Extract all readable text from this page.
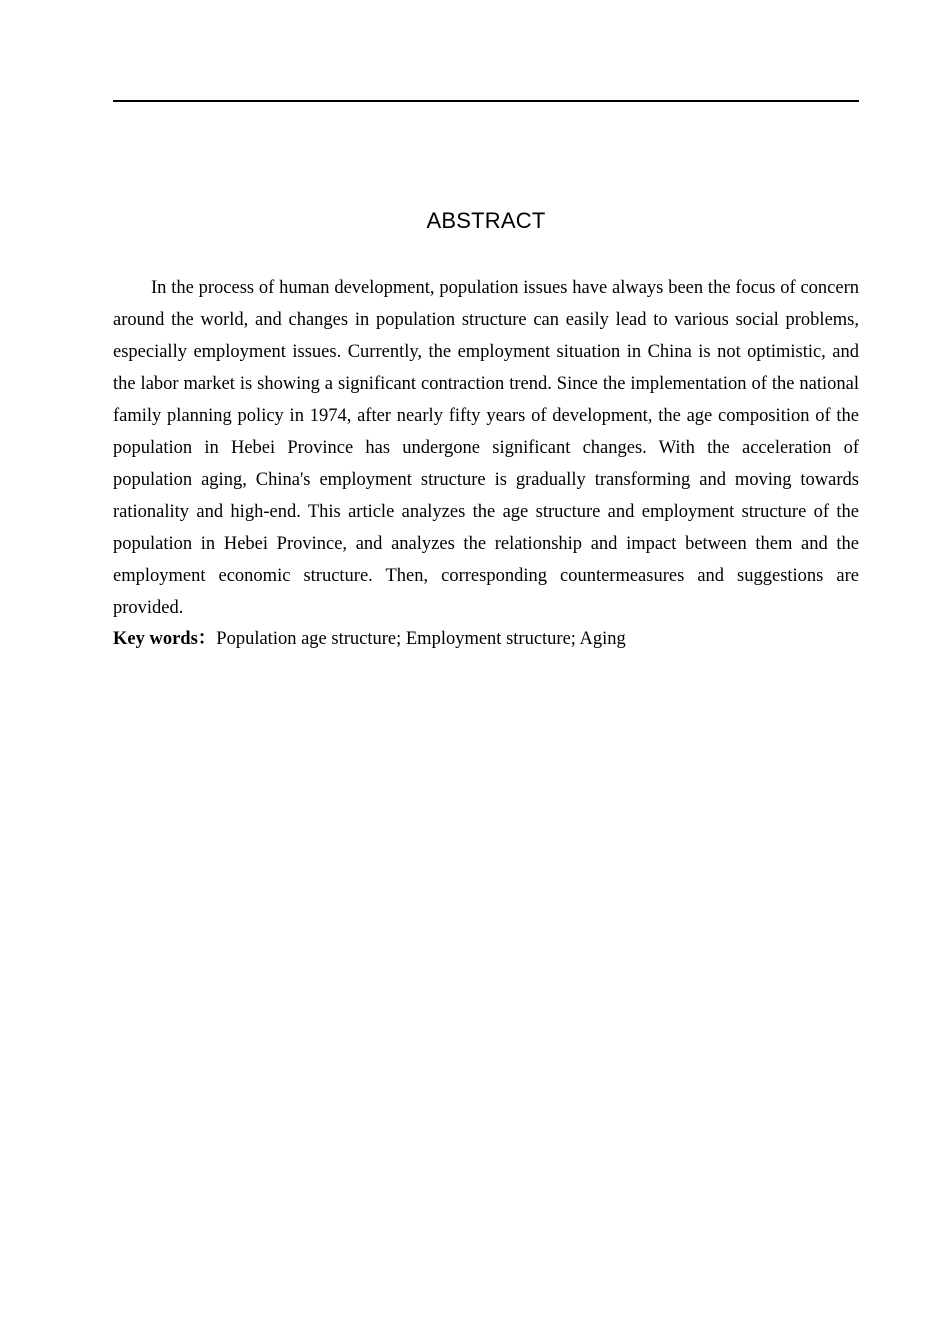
ABSTRACT

In the process of human development, population issues have always been the focus of concern around the world, and changes in population structure can easily lead to various social problems, especially employment issues. Currently, the employment situation in China is not optimistic, and the labor market is showing a significant contraction trend. Since the implementation of the national family planning policy in 1974, after nearly fifty years of development, the age composition of the population in Hebei Province has undergone significant changes. With the acceleration of population aging, China's employment structure is gradually transforming and moving towards rationality and high-end. This article analyzes the age structure and employment structure of the population in Hebei Province, and analyzes the relationship and impact between them and the employment economic structure. Then, corresponding countermeasures and suggestions are provided.

Key words：Population age structure; Employment structure; Aging
